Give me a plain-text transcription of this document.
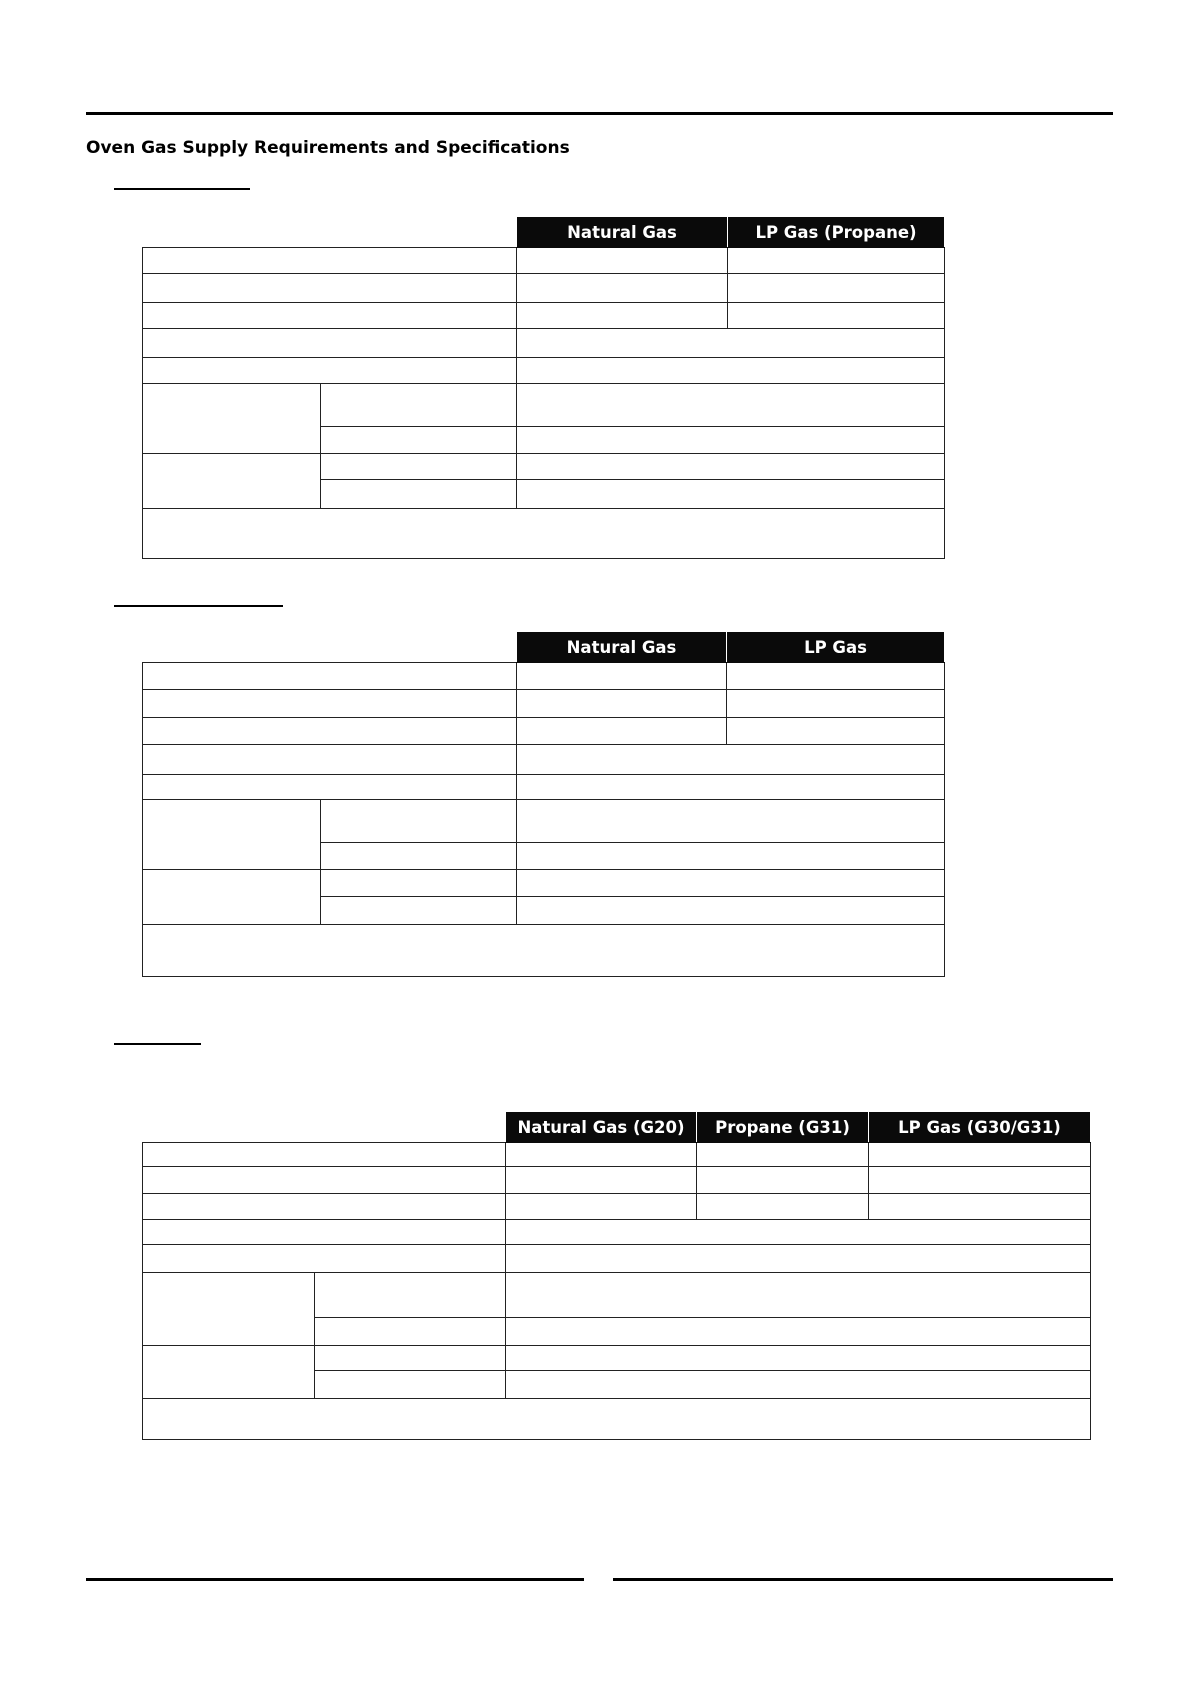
Oven Gas Supply Requirements and Specifications
		Natural Gas	LP Gas (Propane)

		Natural Gas	LP Gas

		Natural Gas (G20)	Propane (G31)	LP Gas (G30/G31)
